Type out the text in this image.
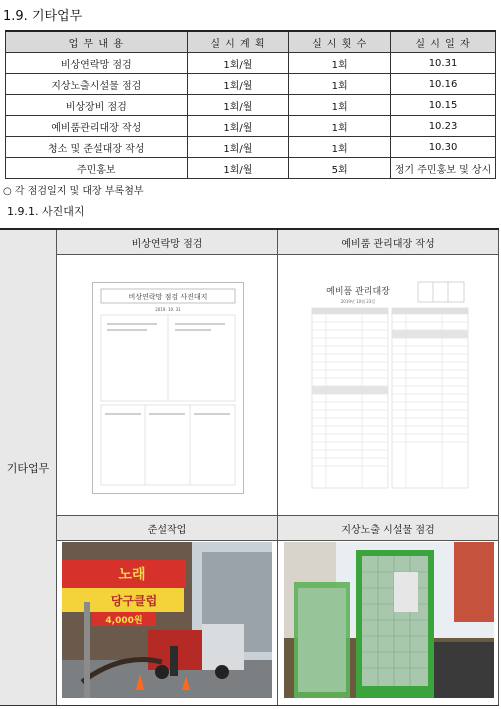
1.9. 기타업무
업 무 내 용	실 시 계 획	실 시 횟 수	실 시 일 자
비상연락망 점검	1회/월	1회	10.31
지상노출시설물 점검	1회/월	1회	10.16
비상장비 점검	1회/월	1회	10.15
예비품관리대장 작성	1회/월	1회	10.23
청소 및 준설대장 작성	1회/월	1회	10.30
주민홍보	1회/월	5회	정기 주민홍보 및 상시
○ 각 점검일지 및 대장 부록첨부
1.9.1. 사진대지
기타업무
비상연락망 점검	예비품 관리대장 작성
준설작업	지상노출 시설물 점검
비상연락망 점검 사진대지
2019. 10. 31
예비품 관리대장
2019년 10월 23일
노래
당구클럽
4,000원
